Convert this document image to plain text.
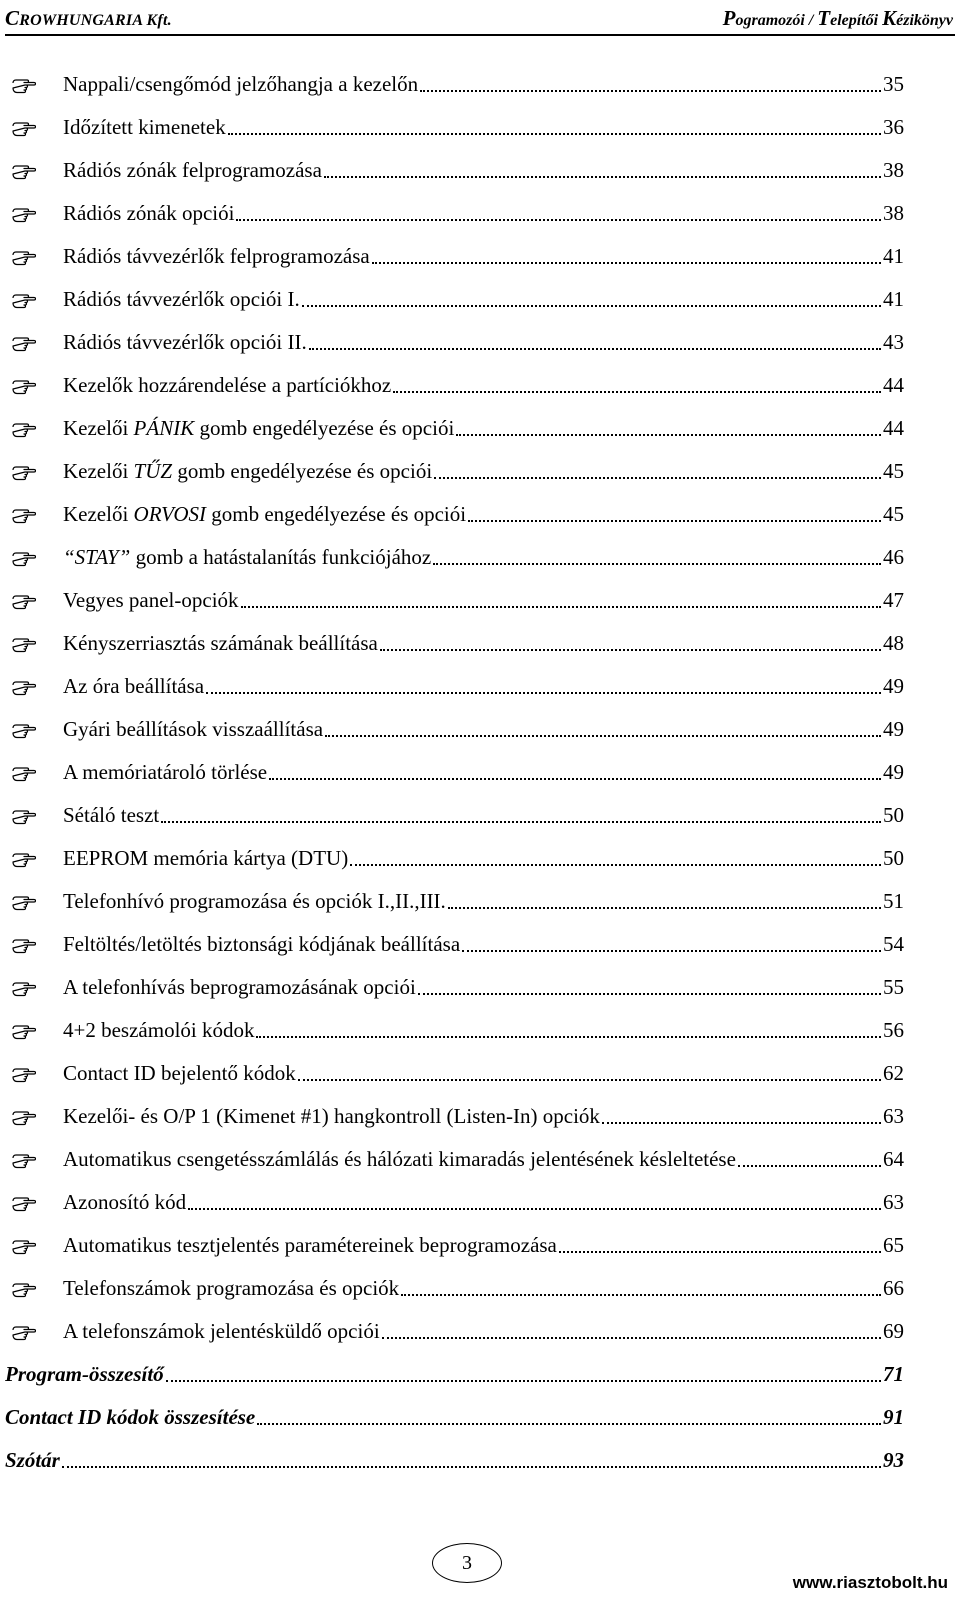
CROWHUNGARIA Kft.	Pogramozói / Telepítői Kézikönyv
Nappali/csengőmód jelzőhangja a kezelőn	35
Időzített kimenetek	36
Rádiós zónák felprogramozása	38
Rádiós zónák opciói	38
Rádiós távvezérlők felprogramozása	41
Rádiós távvezérlők opciói I.	41
Rádiós távvezérlők opciói II.	43
Kezelők hozzárendelése a partíciókhoz	44
Kezelői PÁNIK gomb engedélyezése és opciói	44
Kezelői TŰZ gomb engedélyezése és opciói	45
Kezelői ORVOSI gomb engedélyezése és opciói	45
“STAY” gomb a hatástalanítás funkciójához	46
Vegyes panel-opciók	47
Kényszerriasztás számának beállítása	48
Az óra beállítása	49
Gyári beállítások visszaállítása	49
A memóriatároló törlése	49
Sétáló teszt	50
EEPROM memória kártya (DTU)	50
Telefonhívó programozása és opciók I.,II.,III.	51
Feltöltés/letöltés biztonsági kódjának beállítása	54
A telefonhívás beprogramozásának opciói	55
4+2 beszámolói kódok	56
Contact ID bejelentő kódok	62
Kezelői- és O/P 1 (Kimenet #1) hangkontroll (Listen-In) opciók	63
Automatikus csengetésszámlálás és hálózati kimaradás jelentésének késleltetése	64
Azonosító kód	63
Automatikus tesztjelentés paramétereinek beprogramozása	65
Telefonszámok programozása és opciók	66
A telefonszámok jelentésküldő opciói	69
Program-összesítő	71
Contact ID kódok összesítése	91
Szótár	93
3
www.riasztobolt.hu
